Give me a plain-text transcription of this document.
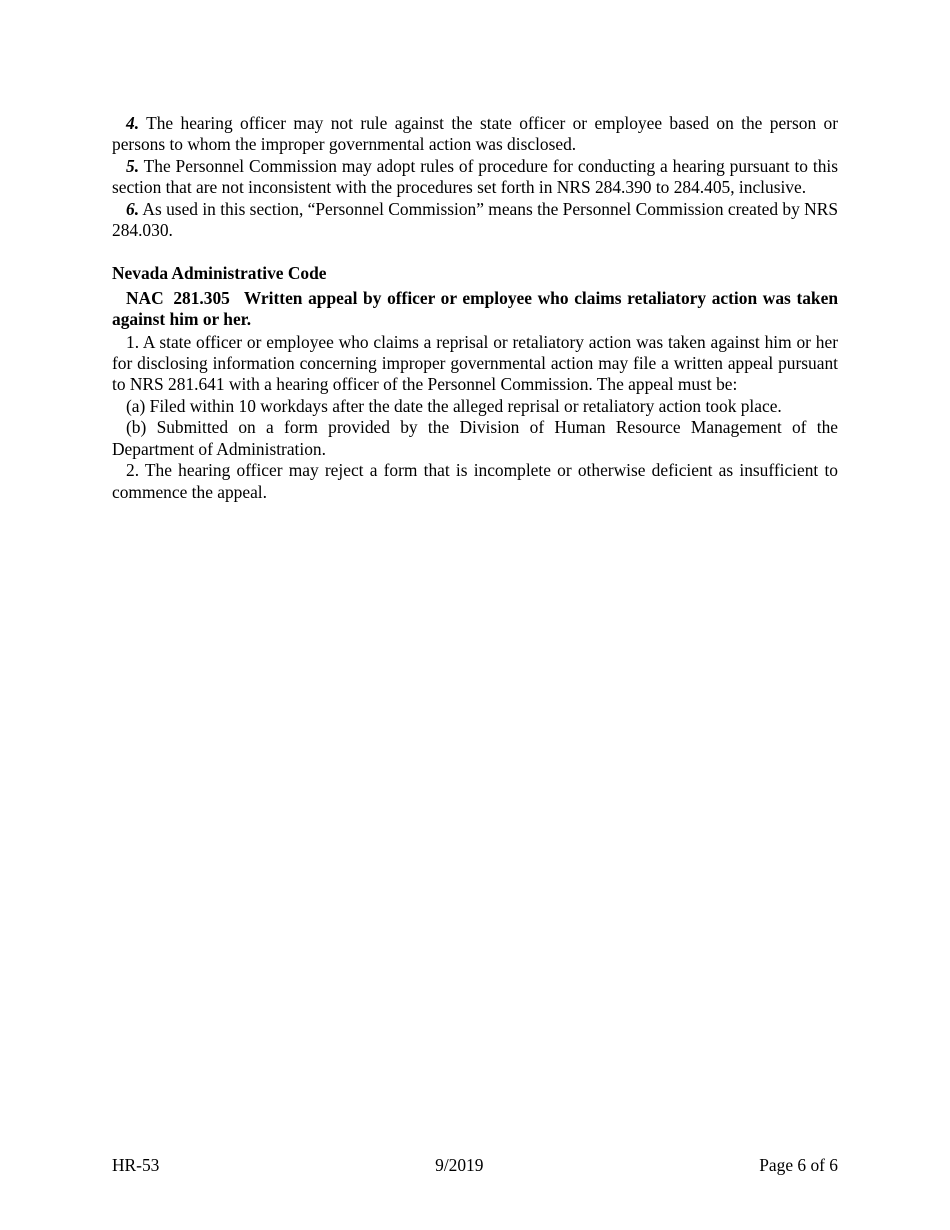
4. The hearing officer may not rule against the state officer or employee based on the person or persons to whom the improper governmental action was disclosed.

5. The Personnel Commission may adopt rules of procedure for conducting a hearing pursuant to this section that are not inconsistent with the procedures set forth in NRS 284.390 to 284.405, inclusive.

6. As used in this section, “Personnel Commission” means the Personnel Commission created by NRS 284.030.

Nevada Administrative Code

NAC 281.305 Written appeal by officer or employee who claims retaliatory action was taken against him or her.

1. A state officer or employee who claims a reprisal or retaliatory action was taken against him or her for disclosing information concerning improper governmental action may file a written appeal pursuant to NRS 281.641 with a hearing officer of the Personnel Commission. The appeal must be:

(a) Filed within 10 workdays after the date the alleged reprisal or retaliatory action took place.

(b) Submitted on a form provided by the Division of Human Resource Management of the Department of Administration.

2. The hearing officer may reject a form that is incomplete or otherwise deficient as insufficient to commence the appeal.

HR-53	9/2019	Page 6 of 6
